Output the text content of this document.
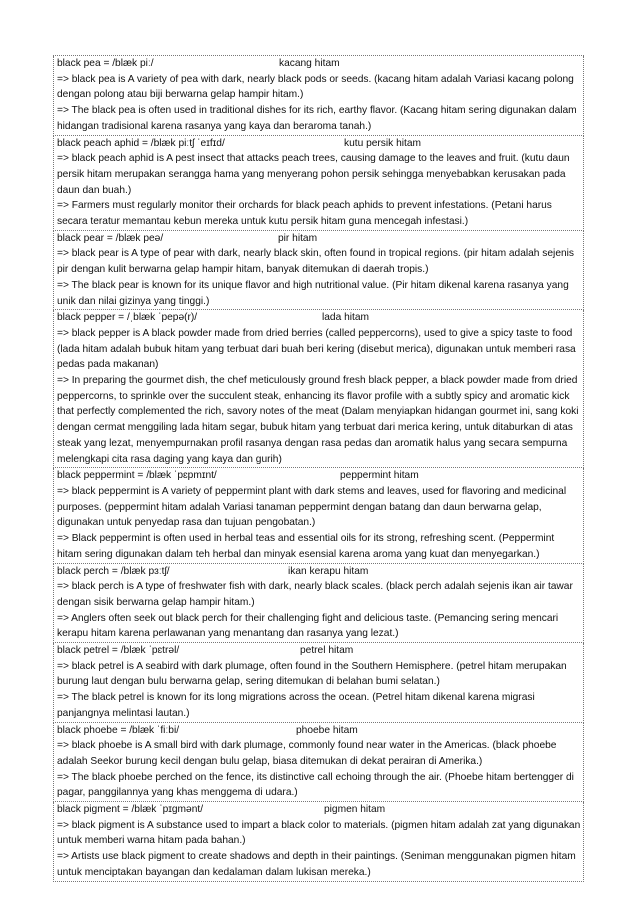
black pea = /blæk piː/	kacang hitam

=> black pea is A variety of pea with dark, nearly black pods or seeds. (kacang hitam adalah Variasi kacang polong dengan polong atau biji berwarna gelap hampir hitam.)

=> The black pea is often used in traditional dishes for its rich, earthy flavor. (Kacang hitam sering digunakan dalam hidangan tradisional karena rasanya yang kaya dan beraroma tanah.)

black peach aphid = /blæk piːtʃ ˈeɪfɪd/	kutu persik hitam

=> black peach aphid is A pest insect that attacks peach trees, causing damage to the leaves and fruit. (kutu daun persik hitam merupakan serangga hama yang menyerang pohon persik sehingga menyebabkan kerusakan pada daun dan buah.)

=> Farmers must regularly monitor their orchards for black peach aphids to prevent infestations. (Petani harus secara teratur memantau kebun mereka untuk kutu persik hitam guna mencegah infestasi.)

black pear = /blæk peə/	pir hitam

=> black pear is A type of pear with dark, nearly black skin, often found in tropical regions. (pir hitam adalah sejenis pir dengan kulit berwarna gelap hampir hitam, banyak ditemukan di daerah tropis.)

=> The black pear is known for its unique flavor and high nutritional value. (Pir hitam dikenal karena rasanya yang unik dan nilai gizinya yang tinggi.)

black pepper = /ˌblæk ˈpepə(r)/	lada hitam

=> black pepper is A black powder made from dried berries (called peppercorns), used to give a spicy taste to food (lada hitam adalah bubuk hitam yang terbuat dari buah beri kering (disebut merica), digunakan untuk memberi rasa pedas pada makanan)

=> In preparing the gourmet dish, the chef meticulously ground fresh black pepper, a black powder made from dried peppercorns, to sprinkle over the succulent steak, enhancing its flavor profile with a subtly spicy and aromatic kick that perfectly complemented the rich, savory notes of the meat (Dalam menyiapkan hidangan gourmet ini, sang koki dengan cermat menggiling lada hitam segar, bubuk hitam yang terbuat dari merica kering, untuk ditaburkan di atas steak yang lezat, menyempurnakan profil rasanya dengan rasa pedas dan aromatik halus yang secara sempurna melengkapi cita rasa daging yang kaya dan gurih)

black peppermint = /blæk ˈpɛpmɪnt/	peppermint hitam

=> black peppermint is A variety of peppermint plant with dark stems and leaves, used for flavoring and medicinal purposes. (peppermint hitam adalah Variasi tanaman peppermint dengan batang dan daun berwarna gelap, digunakan untuk penyedap rasa dan tujuan pengobatan.)

=> Black peppermint is often used in herbal teas and essential oils for its strong, refreshing scent. (Peppermint hitam sering digunakan dalam teh herbal dan minyak esensial karena aroma yang kuat dan menyegarkan.)

black perch = /blæk pɜːtʃ/	ikan kerapu hitam

=> black perch is A type of freshwater fish with dark, nearly black scales. (black perch adalah sejenis ikan air tawar dengan sisik berwarna gelap hampir hitam.)

=> Anglers often seek out black perch for their challenging fight and delicious taste. (Pemancing sering mencari kerapu hitam karena perlawanan yang menantang dan rasanya yang lezat.)

black petrel = /blæk ˈpɛtrəl/	petrel hitam

=> black petrel is A seabird with dark plumage, often found in the Southern Hemisphere. (petrel hitam merupakan burung laut dengan bulu berwarna gelap, sering ditemukan di belahan bumi selatan.)

=> The black petrel is known for its long migrations across the ocean. (Petrel hitam dikenal karena migrasi panjangnya melintasi lautan.)

black phoebe = /blæk ˈfiːbi/	phoebe hitam

=> black phoebe is A small bird with dark plumage, commonly found near water in the Americas. (black phoebe adalah Seekor burung kecil dengan bulu gelap, biasa ditemukan di dekat perairan di Amerika.)

=> The black phoebe perched on the fence, its distinctive call echoing through the air. (Phoebe hitam bertengger di pagar, panggilannya yang khas menggema di udara.)

black pigment = /blæk ˈpɪgmənt/	pigmen hitam

=> black pigment is A substance used to impart a black color to materials. (pigmen hitam adalah zat yang digunakan untuk memberi warna hitam pada bahan.)

=> Artists use black pigment to create shadows and depth in their paintings. (Seniman menggunakan pigmen hitam untuk menciptakan bayangan dan kedalaman dalam lukisan mereka.)
